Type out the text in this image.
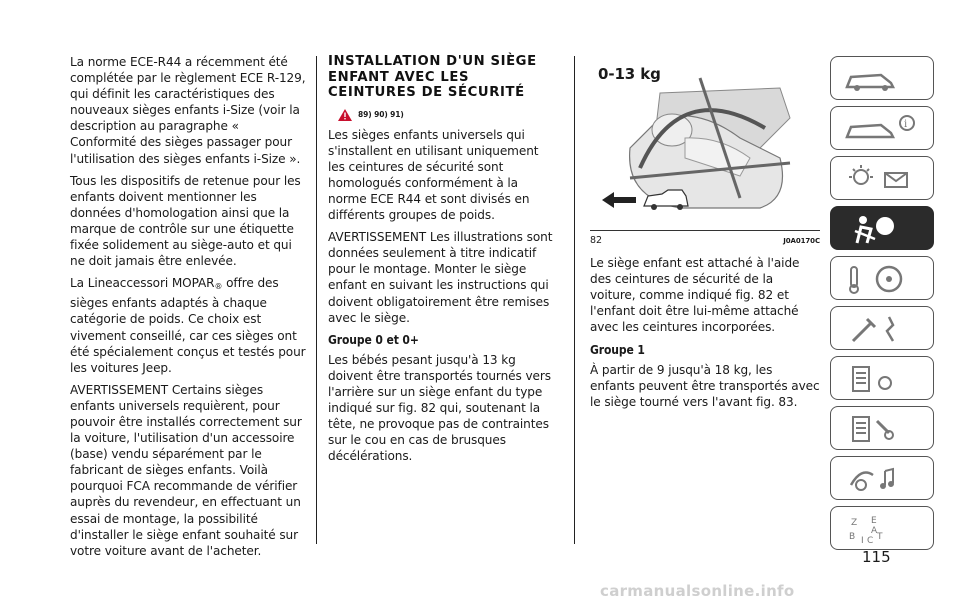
La norme ECE-R44 a récemment été complétée par le règlement ECE R-129, qui définit les caractéristiques des nouveaux sièges enfants i-Size (voir la description au paragraphe « Conformité des sièges passager pour l'utilisation des sièges enfants i-Size ».

Tous les dispositifs de retenue pour les enfants doivent mentionner les données d'homologation ainsi que la marque de contrôle sur une étiquette fixée solidement au siège-auto et qui ne doit jamais être enlevée.

La Lineaccessori $MOPAR_®$ offre des sièges enfants adaptés à chaque catégorie de poids. Ce choix est vivement conseillé, car ces sièges ont été spécialement conçus et testés pour les voitures Jeep.

AVERTISSEMENT Certains sièges enfants universels requièrent, pour pouvoir être installés correctement sur la voiture, l'utilisation d'un accessoire (base) vendu séparément par le fabricant de sièges enfants. Voilà pourquoi FCA recommande de vérifier auprès du revendeur, en effectuant un essai de montage, la possibilité d'installer le siège enfant souhaité sur votre voiture avant de l'acheter.

INSTALLATION D'UN SIÈGE ENFANT AVEC LES CEINTURES DE SÉCURITÉ
89) 90) 91)

Les sièges enfants universels qui s'installent en utilisant uniquement les ceintures de sécurité sont homologués conformément à la norme ECE R44 et sont divisés en différents groupes de poids.

AVERTISSEMENT Les illustrations sont données seulement à titre indicatif pour le montage. Monter le siège enfant en suivant les instructions qui doivent obligatoirement être remises avec le siège.

Groupe 0 et 0+

Les bébés pesant jusqu'à 13 kg doivent être transportés tournés vers l'arrière sur un siège enfant du type indiqué sur fig. 82 qui, soutenant la tête, ne provoque pas de contraintes sur le cou en cas de brusques décélérations.

0-13 kg
82	J0A0170C

Le siège enfant est attaché à l'aide des ceintures de sécurité de la voiture, comme indiqué fig. 82 et l'enfant doit être lui-même attaché avec les ceintures incorporées.

Groupe 1

À partir de 9 jusqu'à 18 kg, les enfants peuvent être transportés avec le siège tourné vers l'avant fig. 83.

i
Z E
B I C T
A
115
carmanualsonline.info
